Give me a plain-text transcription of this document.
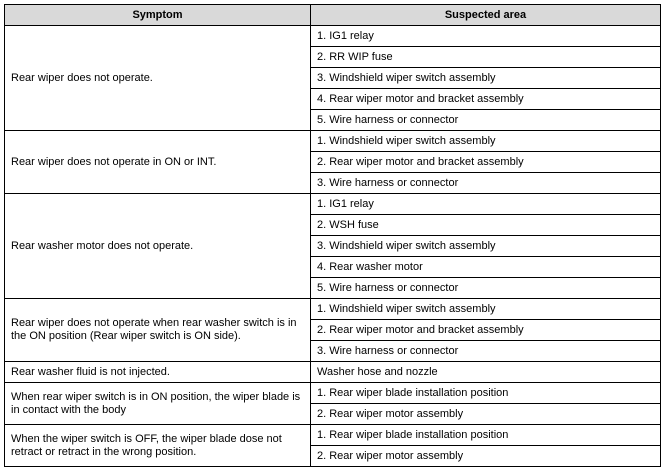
Symptom	Suspected area
Rear wiper does not operate.	1. IG1 relay
	2. RR WIP fuse
	3. Windshield wiper switch assembly
	4. Rear wiper motor and bracket assembly
	5. Wire harness or connector
Rear wiper does not operate in ON or INT.	1. Windshield wiper switch assembly
	2. Rear wiper motor and bracket assembly
	3. Wire harness or connector
Rear washer motor does not operate.	1. IG1 relay
	2. WSH fuse
	3. Windshield wiper switch assembly
	4. Rear washer motor
	5. Wire harness or connector
Rear wiper does not operate when rear washer switch is in the ON position (Rear wiper switch is ON side).	1. Windshield wiper switch assembly
	2. Rear wiper motor and bracket assembly
	3. Wire harness or connector
Rear washer fluid is not injected.	Washer hose and nozzle
When rear wiper switch is in ON position, the wiper blade is in contact with the body	1. Rear wiper blade installation position
	2. Rear wiper motor assembly
When the wiper switch is OFF, the wiper blade dose not retract or retract in the wrong position.	1. Rear wiper blade installation position
	2. Rear wiper motor assembly
